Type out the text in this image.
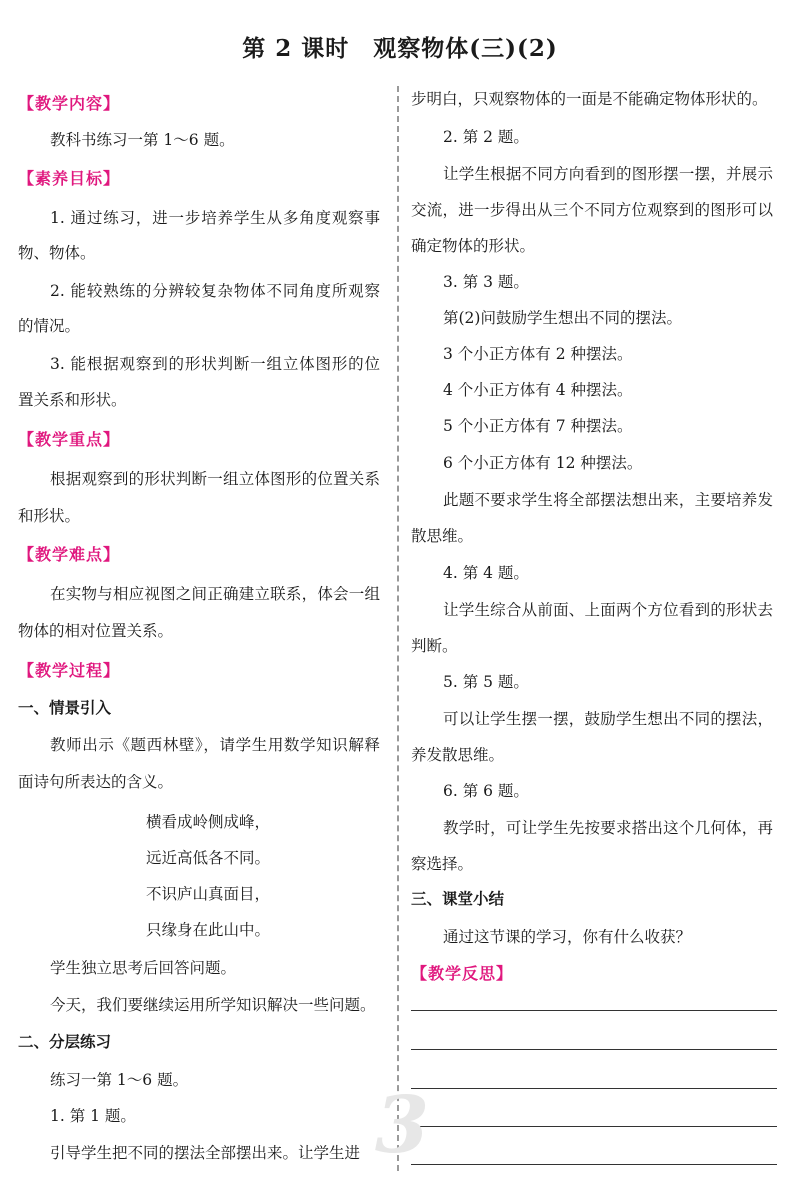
第 2 课时　观察物体(三)(2)
【教学内容】
教科书练习一第 1～6 题。
【素养目标】
1. 通过练习，进一步培养学生从多角度观察事
物、物体。
2. 能较熟练的分辨较复杂物体不同角度所观察
的情况。
3. 能根据观察到的形状判断一组立体图形的位
置关系和形状。
【教学重点】
根据观察到的形状判断一组立体图形的位置关系
和形状。
【教学难点】
在实物与相应视图之间正确建立联系，体会一组
物体的相对位置关系。
【教学过程】
一、情景引入
教师出示《题西林壁》，请学生用数学知识解释
面诗句所表达的含义。
横看成岭侧成峰，
远近高低各不同。
不识庐山真面目，
只缘身在此山中。
学生独立思考后回答问题。
今天，我们要继续运用所学知识解决一些问题。
二、分层练习
练习一第 1～6 题。
1. 第 1 题。
引导学生把不同的摆法全部摆出来。让学生进
步明白，只观察物体的一面是不能确定物体形状的。
2. 第 2 题。
让学生根据不同方向看到的图形摆一摆，并展示
交流，进一步得出从三个不同方位观察到的图形可以
确定物体的形状。
3. 第 3 题。
第(2)问鼓励学生想出不同的摆法。
3 个小正方体有 2 种摆法。
4 个小正方体有 4 种摆法。
5 个小正方体有 7 种摆法。
6 个小正方体有 12 种摆法。
此题不要求学生将全部摆法想出来，主要培养发
散思维。
4. 第 4 题。
让学生综合从前面、上面两个方位看到的形状去
判断。
5. 第 5 题。
可以让学生摆一摆，鼓励学生想出不同的摆法，
养发散思维。
6. 第 6 题。
教学时，可让学生先按要求搭出这个几何体，再
察选择。
三、课堂小结
通过这节课的学习，你有什么收获？
【教学反思】
3
